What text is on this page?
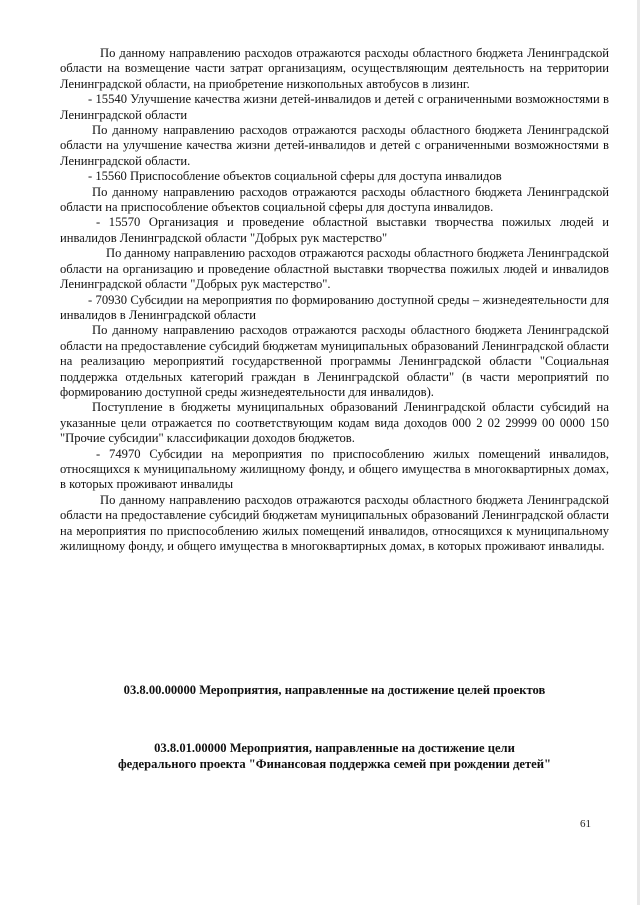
По данному направлению расходов отражаются расходы областного бюджета Ленинградской области на возмещение части затрат организациям, осуществляющим деятельность на территории Ленинградской области, на приобретение низкопольных автобусов в лизинг.

- 15540 Улучшение качества жизни детей-инвалидов и детей с ограниченными возможностями в Ленинградской области

По данному направлению расходов отражаются расходы областного бюджета Ленинградской области на улучшение качества жизни детей-инвалидов и детей с ограниченными возможностями в Ленинградской области.

- 15560 Приспособление объектов социальной сферы для доступа инвалидов

По данному направлению расходов отражаются расходы областного бюджета Ленинградской области на приспособление объектов социальной сферы для доступа инвалидов.

- 15570 Организация и проведение областной выставки творчества пожилых людей и инвалидов Ленинградской области "Добрых рук мастерство"

По данному направлению расходов отражаются расходы областного бюджета Ленинградской области на организацию и проведение областной выставки творчества пожилых людей и инвалидов Ленинградской области "Добрых рук мастерство".

- 70930 Субсидии на мероприятия по формированию доступной среды – жизнедеятельности для инвалидов в Ленинградской области

По данному направлению расходов отражаются расходы областного бюджета Ленинградской области на предоставление субсидий бюджетам муниципальных образований Ленинградской области на реализацию мероприятий государственной программы Ленинградской области "Социальная поддержка отдельных категорий граждан в Ленинградской области" (в части мероприятий по формированию доступной среды жизнедеятельности для инвалидов).

Поступление в бюджеты муниципальных образований Ленинградской области субсидий на указанные цели отражается по соответствующим кодам вида доходов 000 2 02 29999 00 0000 150 "Прочие субсидии" классификации доходов бюджетов.

- 74970 Субсидии на мероприятия по приспособлению жилых помещений инвалидов, относящихся к муниципальному жилищному фонду, и общего имущества в многоквартирных домах, в которых проживают инвалиды

По данному направлению расходов отражаются расходы областного бюджета Ленинградской области на предоставление субсидий бюджетам муниципальных образований Ленинградской области на мероприятия по приспособлению жилых помещений инвалидов, относящихся к муниципальному жилищному фонду, и общего имущества в многоквартирных домах, в которых проживают инвалиды.

03.8.00.00000 Мероприятия, направленные на достижение целей проектов
03.8.01.00000 Мероприятия, направленные на достижение цели
федерального проекта "Финансовая поддержка семей при рождении детей"
61
